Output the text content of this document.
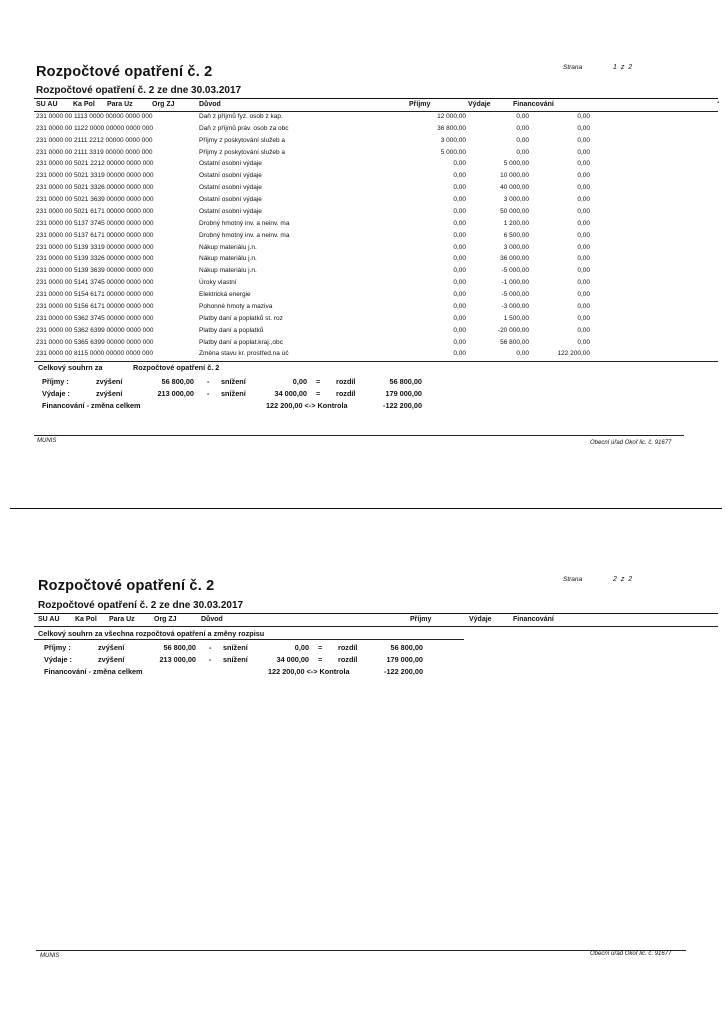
Rozpočtové opatření č. 2	Strana	1 z 2
Rozpočtové opatření č. 2 ze dne 30.03.2017
SU AU Ka Pol Para Uz	Org ZJ	Důvod	Příjmy	Výdaje	Financování
231 0000 00 1113 0000 00000 0000 000	Daň z příjmů fyz. osob z kap.	12 000,00	0,00	0,00
231 0000 00 1122 0000 00000 0000 000	Daň z příjmů práv. osob za obc	36 800,00	0,00	0,00
231 0000 00 2111 2212 00000 0000 000	Příjmy z poskytování služeb a	3 000,00	0,00	0,00
231 0000 00 2111 3319 00000 0000 000	Příjmy z poskytování služeb a	5 000,00	0,00	0,00
231 0000 00 5021 2212 00000 0000 000	Ostatní osobní výdaje	0,00	5 000,00	0,00
231 0000 00 5021 3319 00000 0000 000	Ostatní osobní výdaje	0,00	10 000,00	0,00
231 0000 00 5021 3326 00000 0000 000	Ostatní osobní výdaje	0,00	40 000,00	0,00
231 0000 00 5021 3639 00000 0000 000	Ostatní osobní výdaje	0,00	3 000,00	0,00
231 0000 00 5021 6171 00000 0000 000	Ostatní osobní výdaje	0,00	50 000,00	0,00
231 0000 00 5137 3745 00000 0000 000	Drobný hmotný inv. a neinv. ma	0,00	1 200,00	0,00
231 0000 00 5137 6171 00000 0000 000	Drobný hmotný inv. a neinv. ma	0,00	6 500,00	0,00
231 0000 00 5139 3319 00000 0000 000	Nákup materiálu j.n.	0,00	3 000,00	0,00
231 0000 00 5139 3326 00000 0000 000	Nákup materiálu j.n.	0,00	36 000,00	0,00
231 0000 00 5139 3639 00000 0000 000	Nákup materiálu j.n.	0,00	-5 000,00	0,00
231 0000 00 5141 3745 00000 0000 000	Úroky vlastní	0,00	-1 000,00	0,00
231 0000 00 5154 6171 00000 0000 000	Elektrická energie	0,00	-5 000,00	0,00
231 0000 00 5156 6171 00000 0000 000	Pohonné hmoty a maziva	0,00	-3 000,00	0,00
231 0000 00 5362 3745 00000 0000 000	Platby daní a poplatků st. roz	0,00	1 500,00	0,00
231 0000 00 5362 6399 00000 0000 000	Platby daní a poplatků	0,00	-20 000,00	0,00
231 0000 00 5365 6399 00000 0000 000	Platby daní a poplat.kraj.,obc	0,00	56 800,00	0,00
231 0000 00 8115 0000 00000 0000 000	Změna stavu kr. prostřed.na úč	0,00	0,00	122 200,00
Celkový souhrn za	Rozpočtové opatření č. 2
Příjmy :	zvýšení	56 800,00 - snížení	0,00 = rozdíl	56 800,00
Výdaje :	zvýšení	213 000,00 - snížení	34 000,00 = rozdíl	179 000,00
Financování - změna celkem	122 200,00 <-> Kontrola	-122 200,00
MUNIS	Obecní úřad Okoř lic. č. 91677
Rozpočtové opatření č. 2	Strana	2 z 2
Rozpočtové opatření č. 2 ze dne 30.03.2017
SU AU Ka Pol Para Uz	Org ZJ	Důvod	Příjmy	Výdaje	Financování
Celkový souhrn za všechna rozpočtová opatření a změny rozpisu
Příjmy :	zvýšení	56 800,00 - snížení	0,00 = rozdíl	56 800,00
Výdaje :	zvýšení	213 000,00 - snížení	34 000,00 = rozdíl	179 000,00
Financování - změna celkem	122 200,00 <-> Kontrola	-122 200,00
MUNIS	Obecní úřad Okoř lic. č. 91677
▪
